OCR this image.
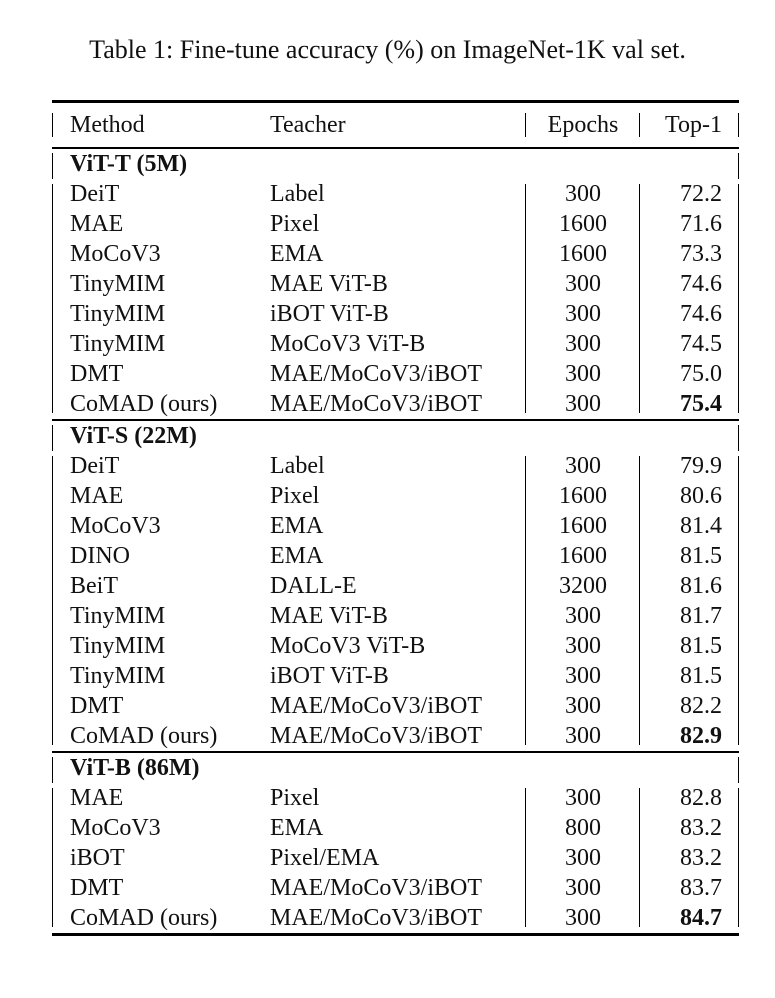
Table 1: Fine-tune accuracy (%) on ImageNet-1K val set.
Method	Teacher	Epochs	Top-1
ViT-T (5M)
DeiT	Label	300	72.2
MAE	Pixel	1600	71.6
MoCoV3	EMA	1600	73.3
TinyMIM	MAE ViT-B	300	74.6
TinyMIM	iBOT ViT-B	300	74.6
TinyMIM	MoCoV3 ViT-B	300	74.5
DMT	MAE/MoCoV3/iBOT	300	75.0
CoMAD (ours) MAE/MoCoV3/iBOT	300	75.4
ViT-S (22M)
DeiT	Label	300	79.9
MAE	Pixel	1600	80.6
MoCoV3	EMA	1600	81.4
DINO	EMA	1600	81.5
BeiT	DALL-E	3200	81.6
TinyMIM	MAE ViT-B	300	81.7
TinyMIM	MoCoV3 ViT-B	300	81.5
TinyMIM	iBOT ViT-B	300	81.5
DMT	MAE/MoCoV3/iBOT	300	82.2
CoMAD (ours) MAE/MoCoV3/iBOT	300	82.9
ViT-B (86M)
MAE	Pixel	300	82.8
MoCoV3	EMA	800	83.2
iBOT	Pixel/EMA	300	83.2
DMT	MAE/MoCoV3/iBOT	300	83.7
CoMAD (ours) MAE/MoCoV3/iBOT	300	84.7
